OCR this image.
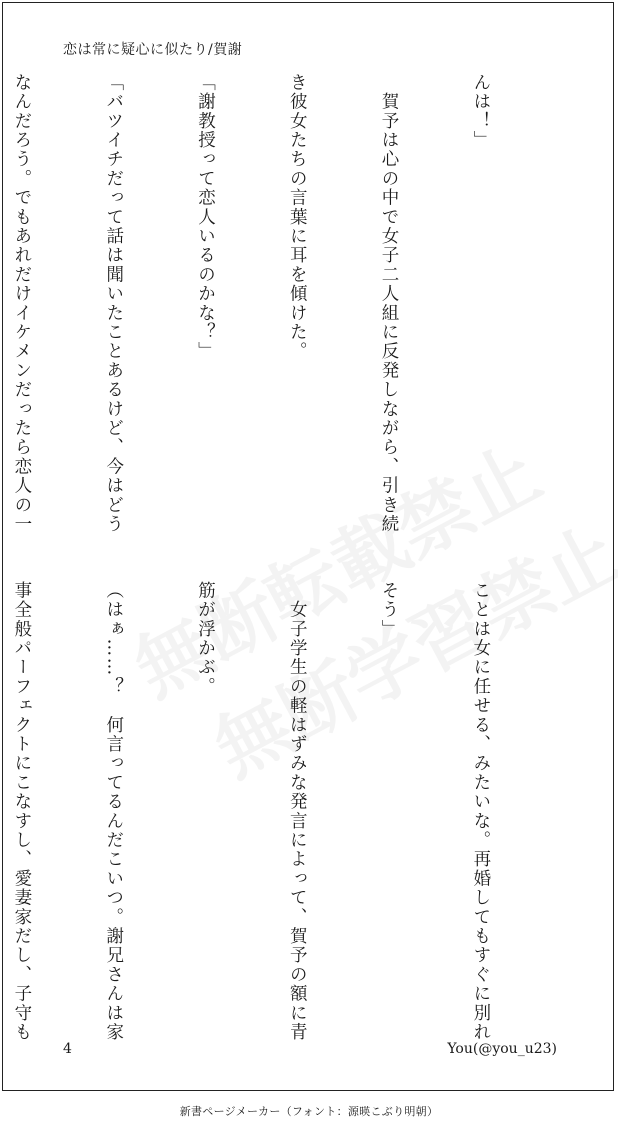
恋は常に疑心に似たり/賀謝

んは！」

　賀予は心の中で女子二人組に反発しながら、引き続

き彼女たちの言葉に耳を傾けた。

「謝教授って恋人いるのかな？」

「バツイチだって話は聞いたことあるけど、今はどう

なんだろう。でもあれだけイケメンだったら恋人の一

ことは女に任せる、みたいな。再婚してもすぐに別れ

そう」

　女子学生の軽はずみな発言によって、賀予の額に青

筋が浮かぶ。

（はぁ……？　何言ってるんだこいつ。謝兄さんは家

事全般パーフェクトにこなすし、愛妻家だし、子守も

4	You(@you_u23)
新書ページメーカー（フォント：源暎こぶり明朝）
